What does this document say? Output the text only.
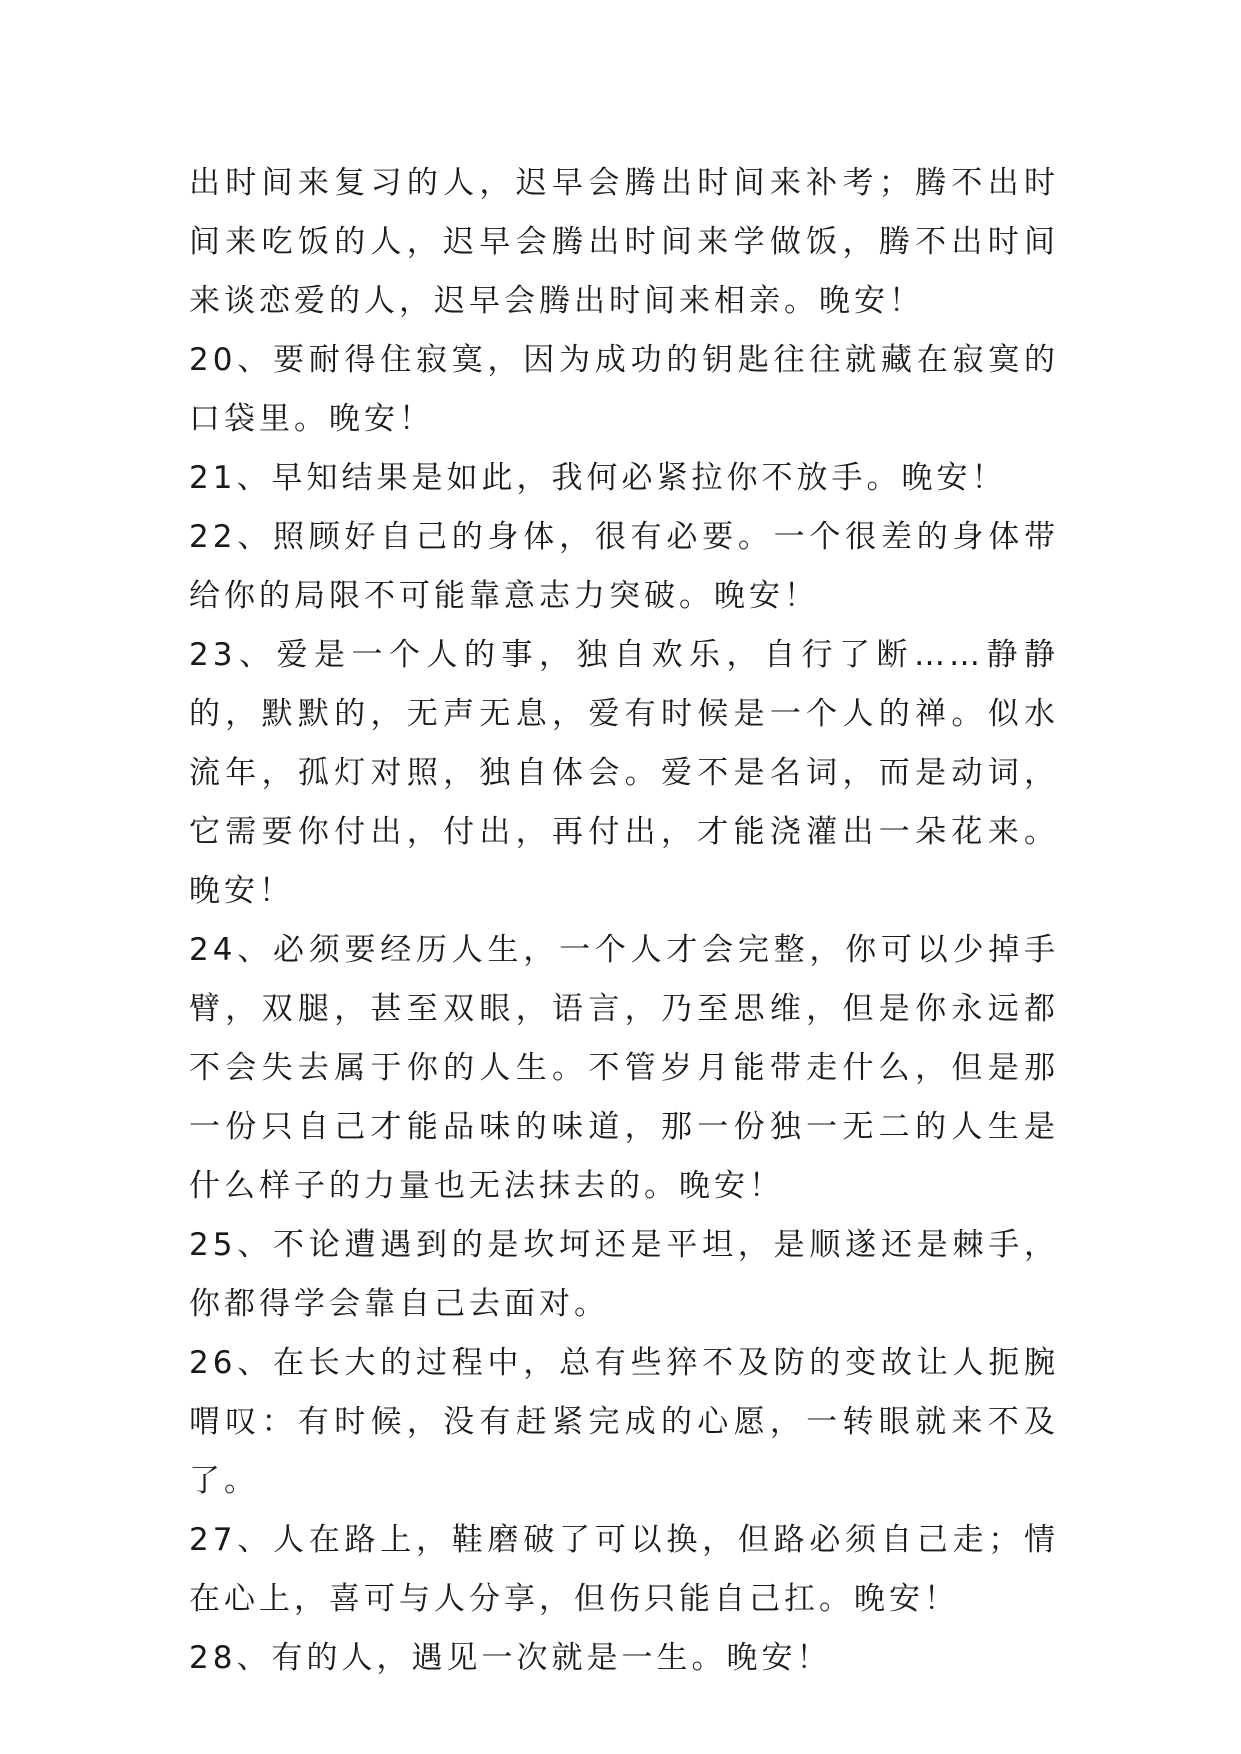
出时间来复习的人，迟早会腾出时间来补考；腾不出时间来吃饭的人，迟早会腾出时间来学做饭，腾不出时间来谈恋爱的人，迟早会腾出时间来相亲。晚安！

20、要耐得住寂寞，因为成功的钥匙往往就藏在寂寞的口袋里。晚安！

21、早知结果是如此，我何必紧拉你不放手。晚安！

22、照顾好自己的身体，很有必要。一个很差的身体带给你的局限不可能靠意志力突破。晚安！

23、爱是一个人的事，独自欢乐，自行了断……静静的，默默的，无声无息，爱有时候是一个人的禅。似水流年，孤灯对照，独自体会。爱不是名词，而是动词，它需要你付出，付出，再付出，才能浇灌出一朵花来。晚安！

24、必须要经历人生，一个人才会完整，你可以少掉手臂，双腿，甚至双眼，语言，乃至思维，但是你永远都不会失去属于你的人生。不管岁月能带走什么，但是那一份只自己才能品味的味道，那一份独一无二的人生是什么样子的力量也无法抹去的。晚安！

25、不论遭遇到的是坎坷还是平坦，是顺遂还是棘手，你都得学会靠自己去面对。

26、在长大的过程中，总有些猝不及防的变故让人扼腕喟叹：有时候，没有赶紧完成的心愿，一转眼就来不及了。

27、人在路上，鞋磨破了可以换，但路必须自己走；情在心上，喜可与人分享，但伤只能自己扛。晚安！

28、有的人，遇见一次就是一生。晚安！
